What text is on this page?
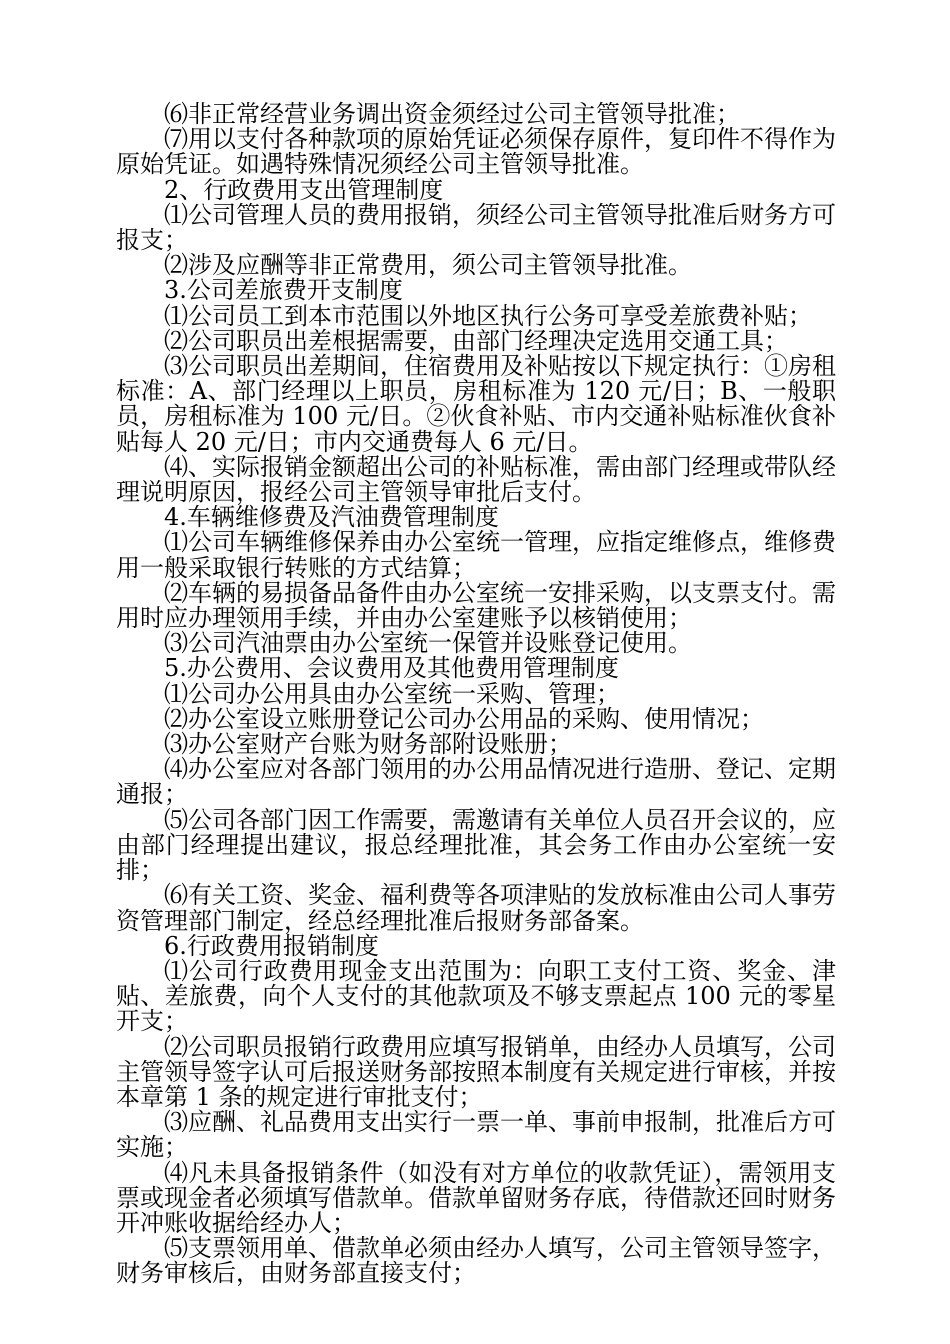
⑹非正常经营业务调出资金须经过公司主管领导批准；

⑺用以支付各种款项的原始凭证必须保存原件，复印件不得作为原始凭证。如遇特殊情况须经公司主管领导批准。

2、行政费用支出管理制度

⑴公司管理人员的费用报销，须经公司主管领导批准后财务方可报支；

⑵涉及应酬等非正常费用，须公司主管领导批准。

3.公司差旅费开支制度

⑴公司员工到本市范围以外地区执行公务可享受差旅费补贴；

⑵公司职员出差根据需要，由部门经理决定选用交通工具；

⑶公司职员出差期间，住宿费用及补贴按以下规定执行：①房租标准：A、部门经理以上职员，房租标准为 120 元/日；B、一般职员，房租标准为 100 元/日。②伙食补贴、市内交通补贴标准伙食补贴每人 20 元/日；市内交通费每人 6 元/日。

⑷、实际报销金额超出公司的补贴标准，需由部门经理或带队经理说明原因，报经公司主管领导审批后支付。

4.车辆维修费及汽油费管理制度

⑴公司车辆维修保养由办公室统一管理，应指定维修点，维修费用一般采取银行转账的方式结算；

⑵车辆的易损备品备件由办公室统一安排采购，以支票支付。需用时应办理领用手续，并由办公室建账予以核销使用；

⑶公司汽油票由办公室统一保管并设账登记使用。

5.办公费用、会议费用及其他费用管理制度

⑴公司办公用具由办公室统一采购、管理；

⑵办公室设立账册登记公司办公用品的采购、使用情况；

⑶办公室财产台账为财务部附设账册；

⑷办公室应对各部门领用的办公用品情况进行造册、登记、定期通报；

⑸公司各部门因工作需要，需邀请有关单位人员召开会议的，应由部门经理提出建议，报总经理批准，其会务工作由办公室统一安排；

⑹有关工资、奖金、福利费等各项津贴的发放标准由公司人事劳资管理部门制定，经总经理批准后报财务部备案。

6.行政费用报销制度

⑴公司行政费用现金支出范围为：向职工支付工资、奖金、津贴、差旅费，向个人支付的其他款项及不够支票起点 100 元的零星开支；

⑵公司职员报销行政费用应填写报销单，由经办人员填写，公司主管领导签字认可后报送财务部按照本制度有关规定进行审核，并按本章第 1 条的规定进行审批支付；

⑶应酬、礼品费用支出实行一票一单、事前申报制，批准后方可实施；

⑷凡未具备报销条件（如没有对方单位的收款凭证），需领用支票或现金者必须填写借款单。借款单留财务存底，待借款还回时财务开冲账收据给经办人；

⑸支票领用单、借款单必须由经办人填写，公司主管领导签字，财务审核后，由财务部直接支付；
